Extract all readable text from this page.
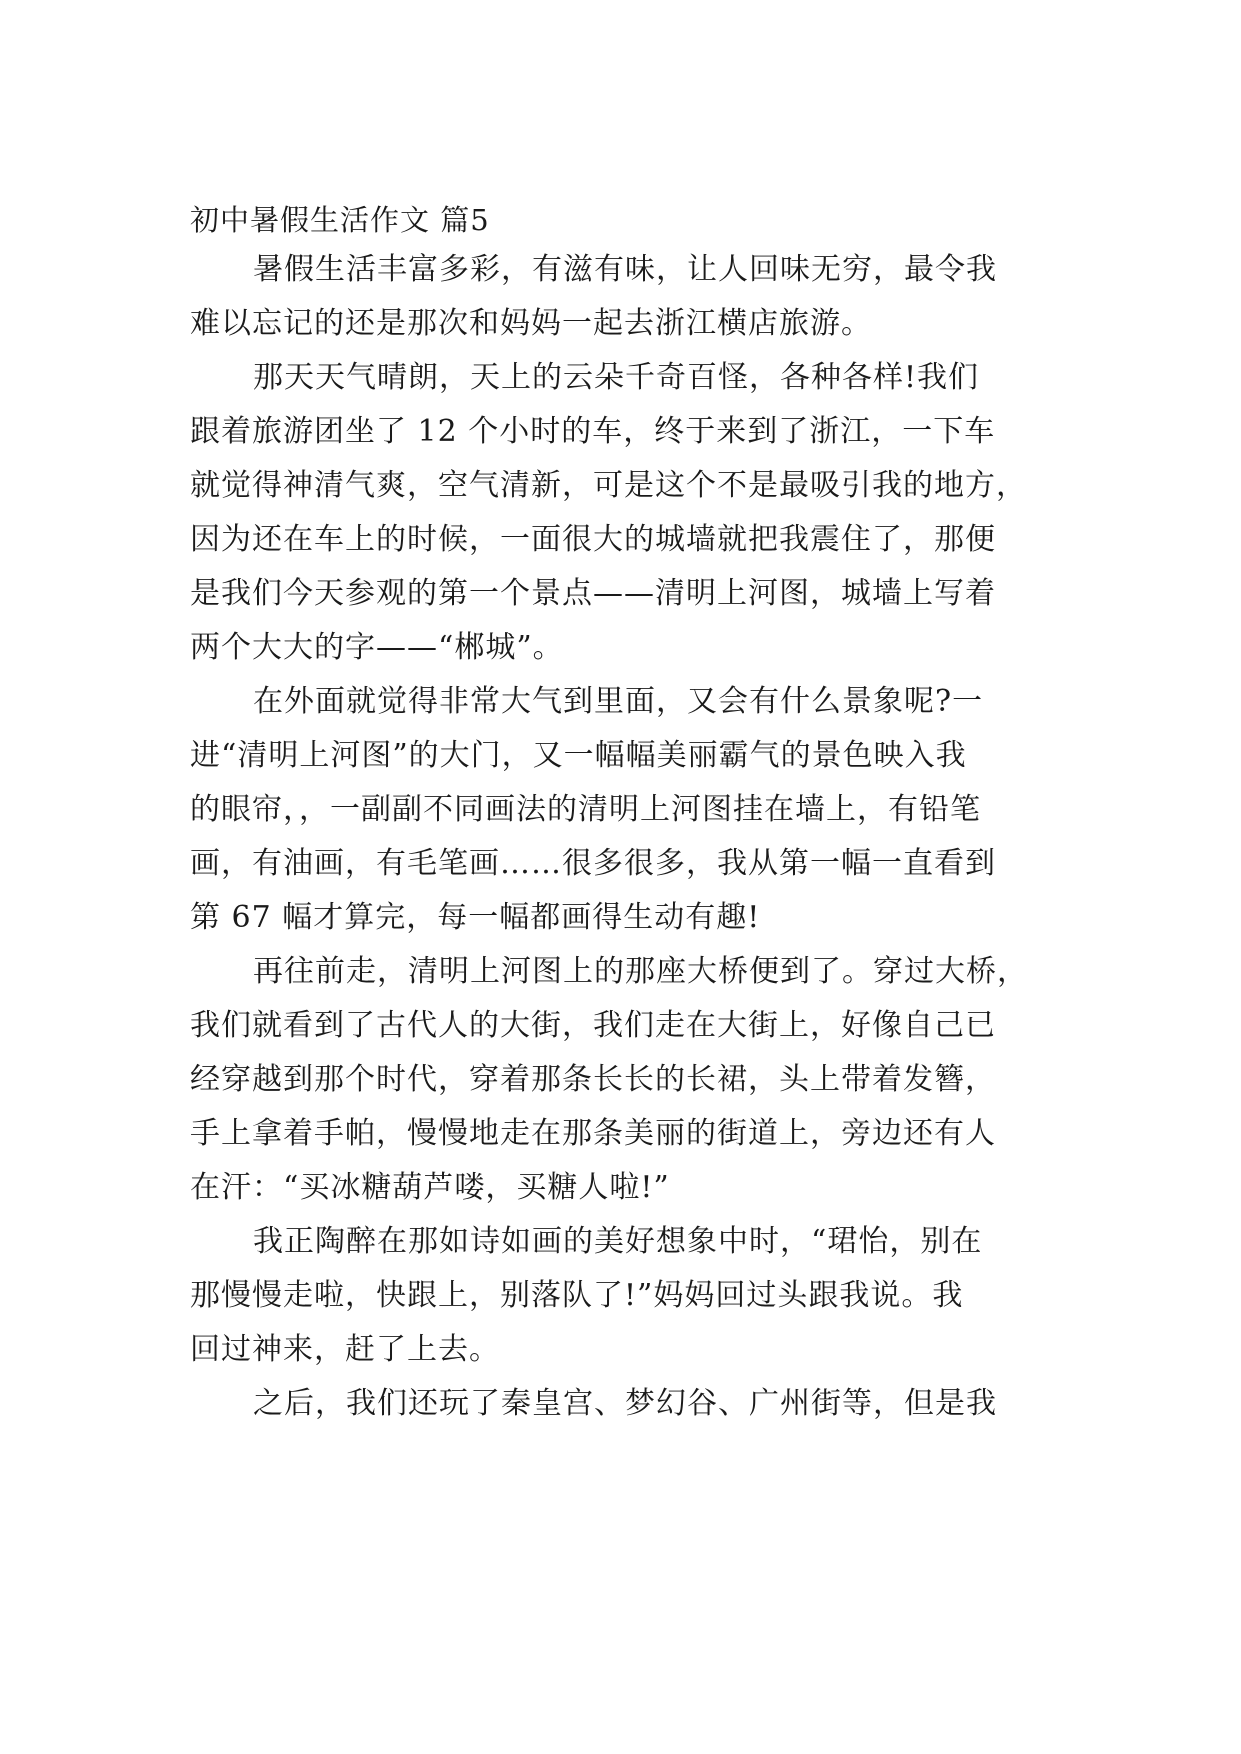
初中暑假生活作文 篇5
暑假生活丰富多彩，有滋有味，让人回味无穷，最令我
难以忘记的还是那次和妈妈一起去浙江横店旅游。
那天天气晴朗，天上的云朵千奇百怪，各种各样!我们
跟着旅游团坐了 12 个小时的车，终于来到了浙江，一下车
就觉得神清气爽，空气清新，可是这个不是最吸引我的地方，
因为还在车上的时候，一面很大的城墙就把我震住了，那便
是我们今天参观的第一个景点——清明上河图，城墙上写着
两个大大的字——“郴城”。
在外面就觉得非常大气到里面，又会有什么景象呢?一
进“清明上河图”的大门，又一幅幅美丽霸气的景色映入我
的眼帘，，一副副不同画法的清明上河图挂在墙上，有铅笔
画，有油画，有毛笔画……很多很多，我从第一幅一直看到
第 67 幅才算完，每一幅都画得生动有趣!
再往前走，清明上河图上的那座大桥便到了。穿过大桥，
我们就看到了古代人的大街，我们走在大街上，好像自己已
经穿越到那个时代，穿着那条长长的长裙，头上带着发簪，
手上拿着手帕，慢慢地走在那条美丽的街道上，旁边还有人
在汗：“买冰糖葫芦喽，买糖人啦!”
我正陶醉在那如诗如画的美好想象中时，“珺怡，别在
那慢慢走啦，快跟上，别落队了!”妈妈回过头跟我说。我
回过神来，赶了上去。
之后，我们还玩了秦皇宫、梦幻谷、广州街等，但是我
